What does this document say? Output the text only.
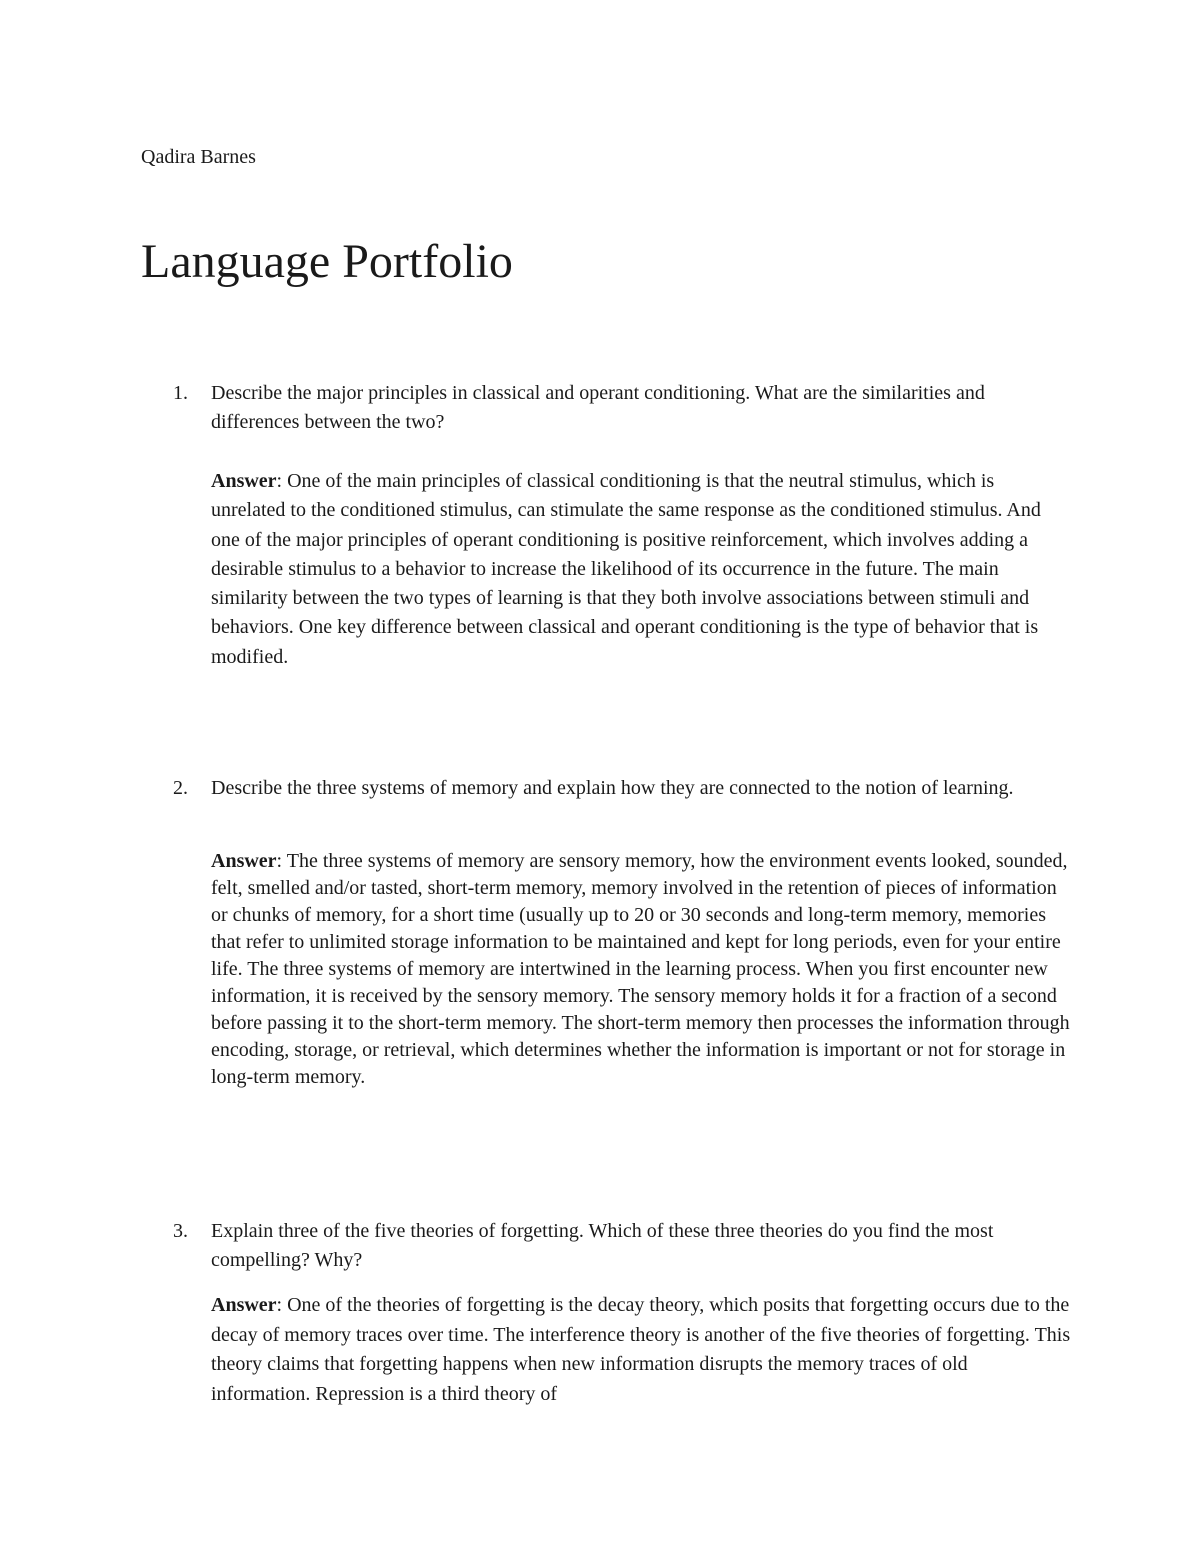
Qadira Barnes

Language Portfolio
1. Describe the major principles in classical and operant conditioning. What are the similarities and differences between the two?

Answer: One of the main principles of classical conditioning is that the neutral stimulus, which is unrelated to the conditioned stimulus, can stimulate the same response as the conditioned stimulus. And one of the major principles of operant conditioning is positive reinforcement, which involves adding a desirable stimulus to a behavior to increase the likelihood of its occurrence in the future. The main similarity between the two types of learning is that they both involve associations between stimuli and behaviors. One key difference between classical and operant conditioning is the type of behavior that is modified.

2. Describe the three systems of memory and explain how they are connected to the notion of learning.

Answer: The three systems of memory are sensory memory, how the environment events looked, sounded, felt, smelled and/or tasted, short-term memory, memory involved in the retention of pieces of information or chunks of memory, for a short time (usually up to 20 or 30 seconds and long-term memory, memories that refer to unlimited storage information to be maintained and kept for long periods, even for your entire life. The three systems of memory are intertwined in the learning process. When you first encounter new information, it is received by the sensory memory. The sensory memory holds it for a fraction of a second before passing it to the short-term memory. The short-term memory then processes the information through encoding, storage, or retrieval, which determines whether the information is important or not for storage in long-term memory.

3. Explain three of the five theories of forgetting. Which of these three theories do you find the most compelling? Why?

Answer: One of the theories of forgetting is the decay theory, which posits that forgetting occurs due to the decay of memory traces over time. The interference theory is another of the five theories of forgetting. This theory claims that forgetting happens when new information disrupts the memory traces of old information. Repression is a third theory of
